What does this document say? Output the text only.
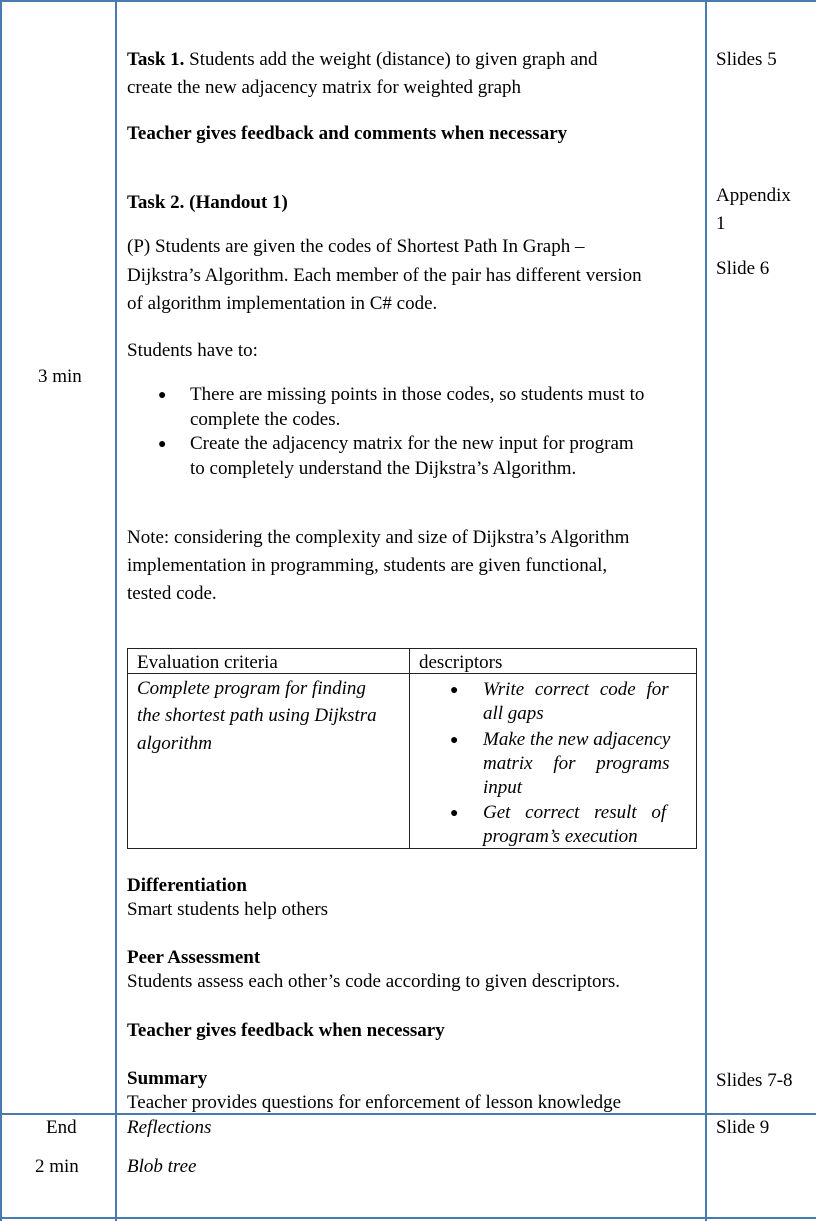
3 min
End
2 min
Task 1. Students add the weight (distance) to given graph and
create the new adjacency matrix for weighted graph
Teacher gives feedback and comments when necessary
Task 2. (Handout 1)
(P) Students are given the codes of Shortest Path In Graph –
Dijkstra’s Algorithm. Each member of the pair has different version
of algorithm implementation in C# code.
Students have to:
● There are missing points in those codes, so students must to
complete the codes.
● Create the adjacency matrix for the new input for program
to completely understand the Dijkstra’s Algorithm.
Note: considering the complexity and size of Dijkstra’s Algorithm
implementation in programming, students are given functional,
tested code.
Evaluation criteria	descriptors
Complete program for finding
the shortest path using Dijkstra
algorithm
● Write correct code for
all gaps
● Make the new adjacency
matrix for programs
input
● Get correct result of
program’s execution
Differentiation
Smart students help others
Peer Assessment
Students assess each other’s code according to given descriptors.
Teacher gives feedback when necessary
Summary
Teacher provides questions for enforcement of lesson knowledge
Reflections
Blob tree
Slides 5
Appendix
1
Slide 6
Slides 7-8
Slide 9
